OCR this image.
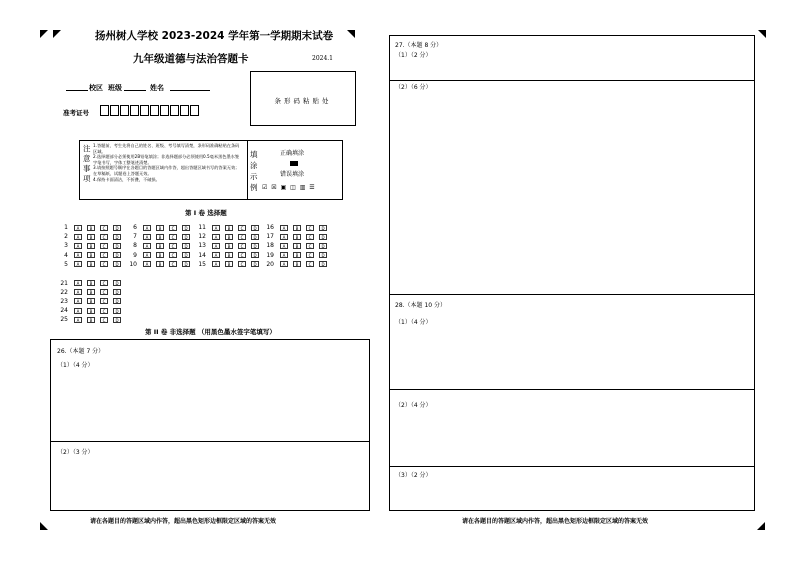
扬州树人学校 2023-2024 学年第一学期期末试卷
九年级道德与法治答题卡	2024.1
校区 班级	姓名
准考证号
条形码粘贴处
注意事项
1.答题前，考生先将自己的姓名、班级、考号填写清楚，条形码准确粘贴在条码区域。
2.选择题部分必须使用2B铅笔填涂；非选择题部分必须使用0.5毫米黑色墨水签字笔书写，字体工整笔迹清楚。
3.请按照题号顺序在各题目的答题区域内作答，超出答题区域书写的答案无效；在草稿纸、试题卷上答题无效。
4.保持卡面清洁，不折叠，不破损。
填涂示例
正确填涂
错误填涂
☑ ☒ ▣ ◫ ▥ ☰
第 I 卷 选择题
1	A	B	C	D
2	A	B	C	D
3	A	B	C	D
4	A	B	C	D
5	A	B	C	D
6	A	B	C	D
7	A	B	C	D
8	A	B	C	D
9	A	B	C	D
10	A	B	C	D
11	A	B	C	D
12	A	B	C	D
13	A	B	C	D
14	A	B	C	D
15	A	B	C	D
16	A	B	C	D
17	A	B	C	D
18	A	B	C	D
19	A	B	C	D
20	A	B	C	D
21	A	B	C	D
22	A	B	C	D
23	A	B	C	D
24	A	B	C	D
25	A	B	C	D
第 II 卷 非选择题 （用黑色墨水签字笔填写）
26.（本题 7 分）
（1）（4 分）
（2）（3 分）
27.（本题 8 分）
（1）（2 分）
（2）（6 分）
28.（本题 10 分）
（1）（4 分）
（2）（4 分）
（3）（2 分）
请在各题目的答题区域内作答，超出黑色矩形边框限定区域的答案无效	请在各题目的答题区域内作答，超出黑色矩形边框限定区域的答案无效
